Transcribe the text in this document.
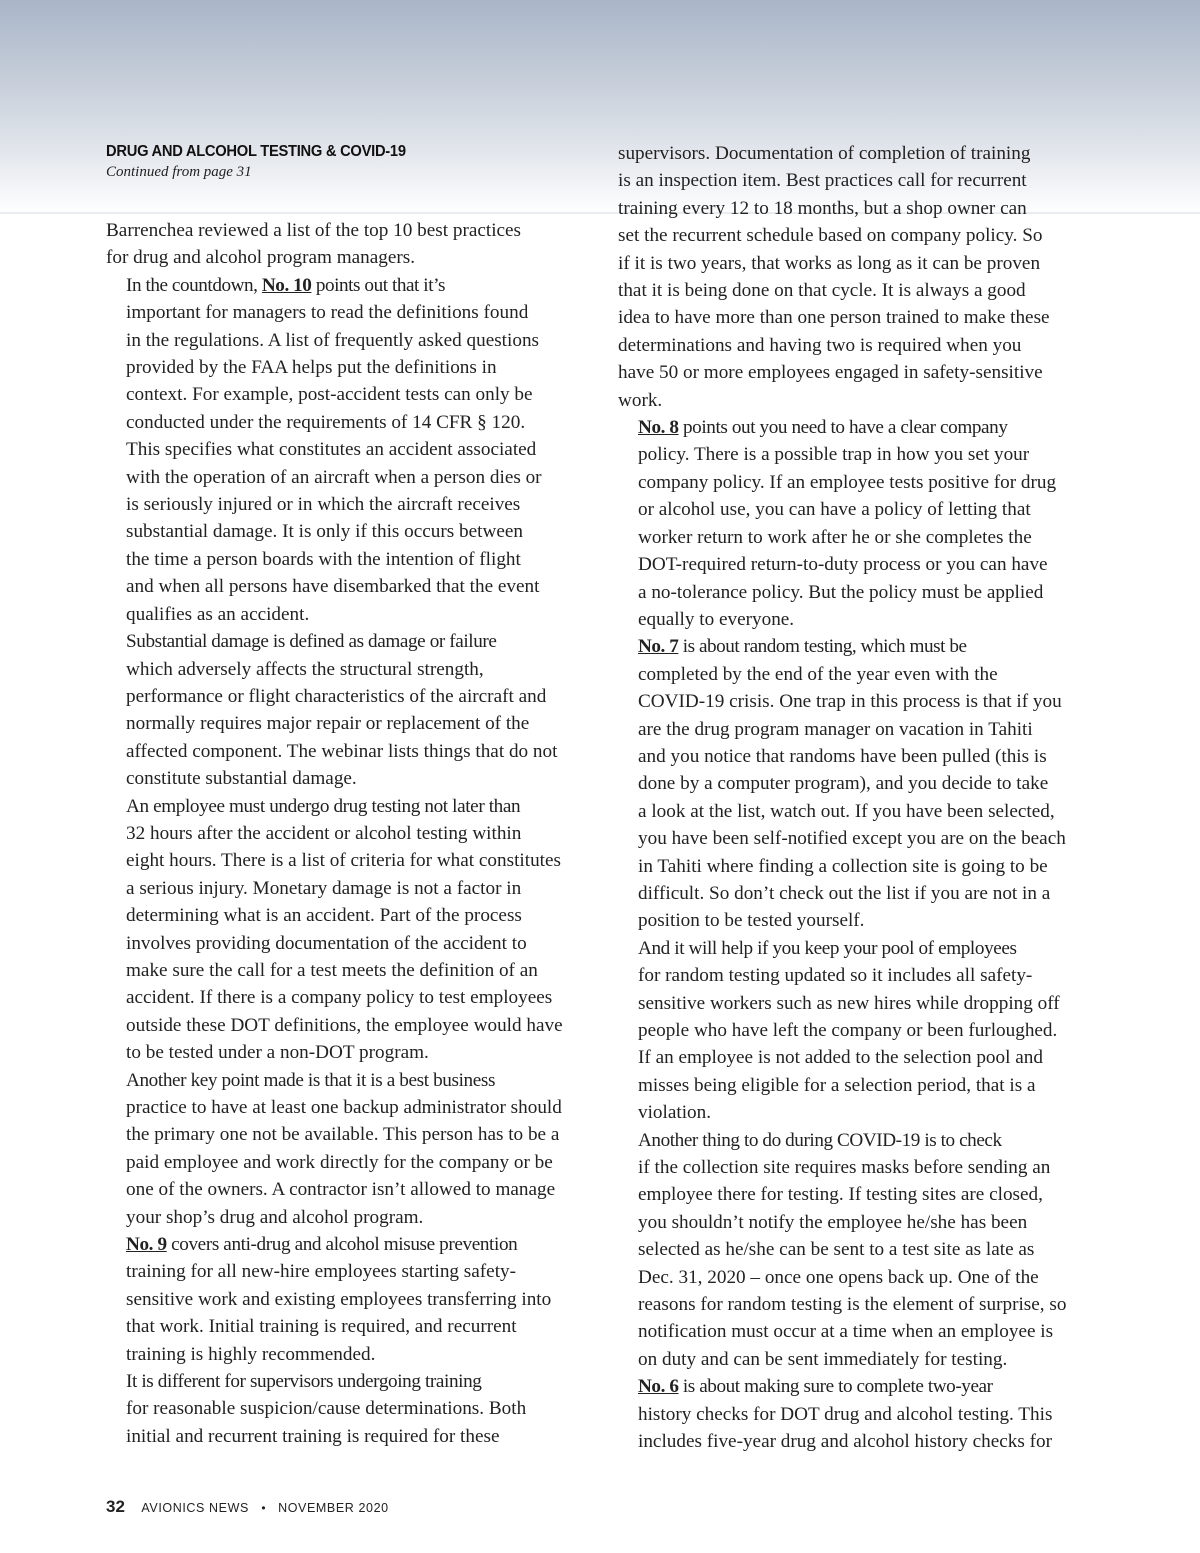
DRUG AND ALCOHOL TESTING & COVID-19
Continued from page 31

Barrenchea reviewed a list of the top 10 best practices
for drug and alcohol program managers.

In the countdown, No. 10 points out that it’s
important for managers to read the definitions found
in the regulations. A list of frequently asked questions
provided by the FAA helps put the definitions in
context. For example, post-accident tests can only be
conducted under the requirements of 14 CFR § 120.
This specifies what constitutes an accident associated
with the operation of an aircraft when a person dies or
is seriously injured or in which the aircraft receives
substantial damage. It is only if this occurs between
the time a person boards with the intention of flight
and when all persons have disembarked that the event
qualifies as an accident.

Substantial damage is defined as damage or failure
which adversely affects the structural strength,
performance or flight characteristics of the aircraft and
normally requires major repair or replacement of the
affected component. The webinar lists things that do not
constitute substantial damage.

An employee must undergo drug testing not later than
32 hours after the accident or alcohol testing within
eight hours. There is a list of criteria for what constitutes
a serious injury. Monetary damage is not a factor in
determining what is an accident. Part of the process
involves providing documentation of the accident to
make sure the call for a test meets the definition of an
accident. If there is a company policy to test employees
outside these DOT definitions, the employee would have
to be tested under a non-DOT program.

Another key point made is that it is a best business
practice to have at least one backup administrator should
the primary one not be available. This person has to be a
paid employee and work directly for the company or be
one of the owners. A contractor isn’t allowed to manage
your shop’s drug and alcohol program.

No. 9 covers anti-drug and alcohol misuse prevention
training for all new-hire employees starting safety-
sensitive work and existing employees transferring into
that work. Initial training is required, and recurrent
training is highly recommended.

It is different for supervisors undergoing training
for reasonable suspicion/cause determinations. Both
initial and recurrent training is required for these

supervisors. Documentation of completion of training
is an inspection item. Best practices call for recurrent
training every 12 to 18 months, but a shop owner can
set the recurrent schedule based on company policy. So
if it is two years, that works as long as it can be proven
that it is being done on that cycle. It is always a good
idea to have more than one person trained to make these
determinations and having two is required when you
have 50 or more employees engaged in safety-sensitive
work.

No. 8 points out you need to have a clear company
policy. There is a possible trap in how you set your
company policy. If an employee tests positive for drug
or alcohol use, you can have a policy of letting that
worker return to work after he or she completes the
DOT-required return-to-duty process or you can have
a no-tolerance policy. But the policy must be applied
equally to everyone.

No. 7 is about random testing, which must be
completed by the end of the year even with the
COVID-19 crisis. One trap in this process is that if you
are the drug program manager on vacation in Tahiti
and you notice that randoms have been pulled (this is
done by a computer program), and you decide to take
a look at the list, watch out. If you have been selected,
you have been self-notified except you are on the beach
in Tahiti where finding a collection site is going to be
difficult. So don’t check out the list if you are not in a
position to be tested yourself.

And it will help if you keep your pool of employees
for random testing updated so it includes all safety-
sensitive workers such as new hires while dropping off
people who have left the company or been furloughed.
If an employee is not added to the selection pool and
misses being eligible for a selection period, that is a
violation.

Another thing to do during COVID-19 is to check
if the collection site requires masks before sending an
employee there for testing. If testing sites are closed,
you shouldn’t notify the employee he/she has been
selected as he/she can be sent to a test site as late as
Dec. 31, 2020 – once one opens back up. One of the
reasons for random testing is the element of surprise, so
notification must occur at a time when an employee is
on duty and can be sent immediately for testing.

No. 6 is about making sure to complete two-year
history checks for DOT drug and alcohol testing. This
includes five-year drug and alcohol history checks for

32 AVIONICS NEWS • NOVEMBER 2020
